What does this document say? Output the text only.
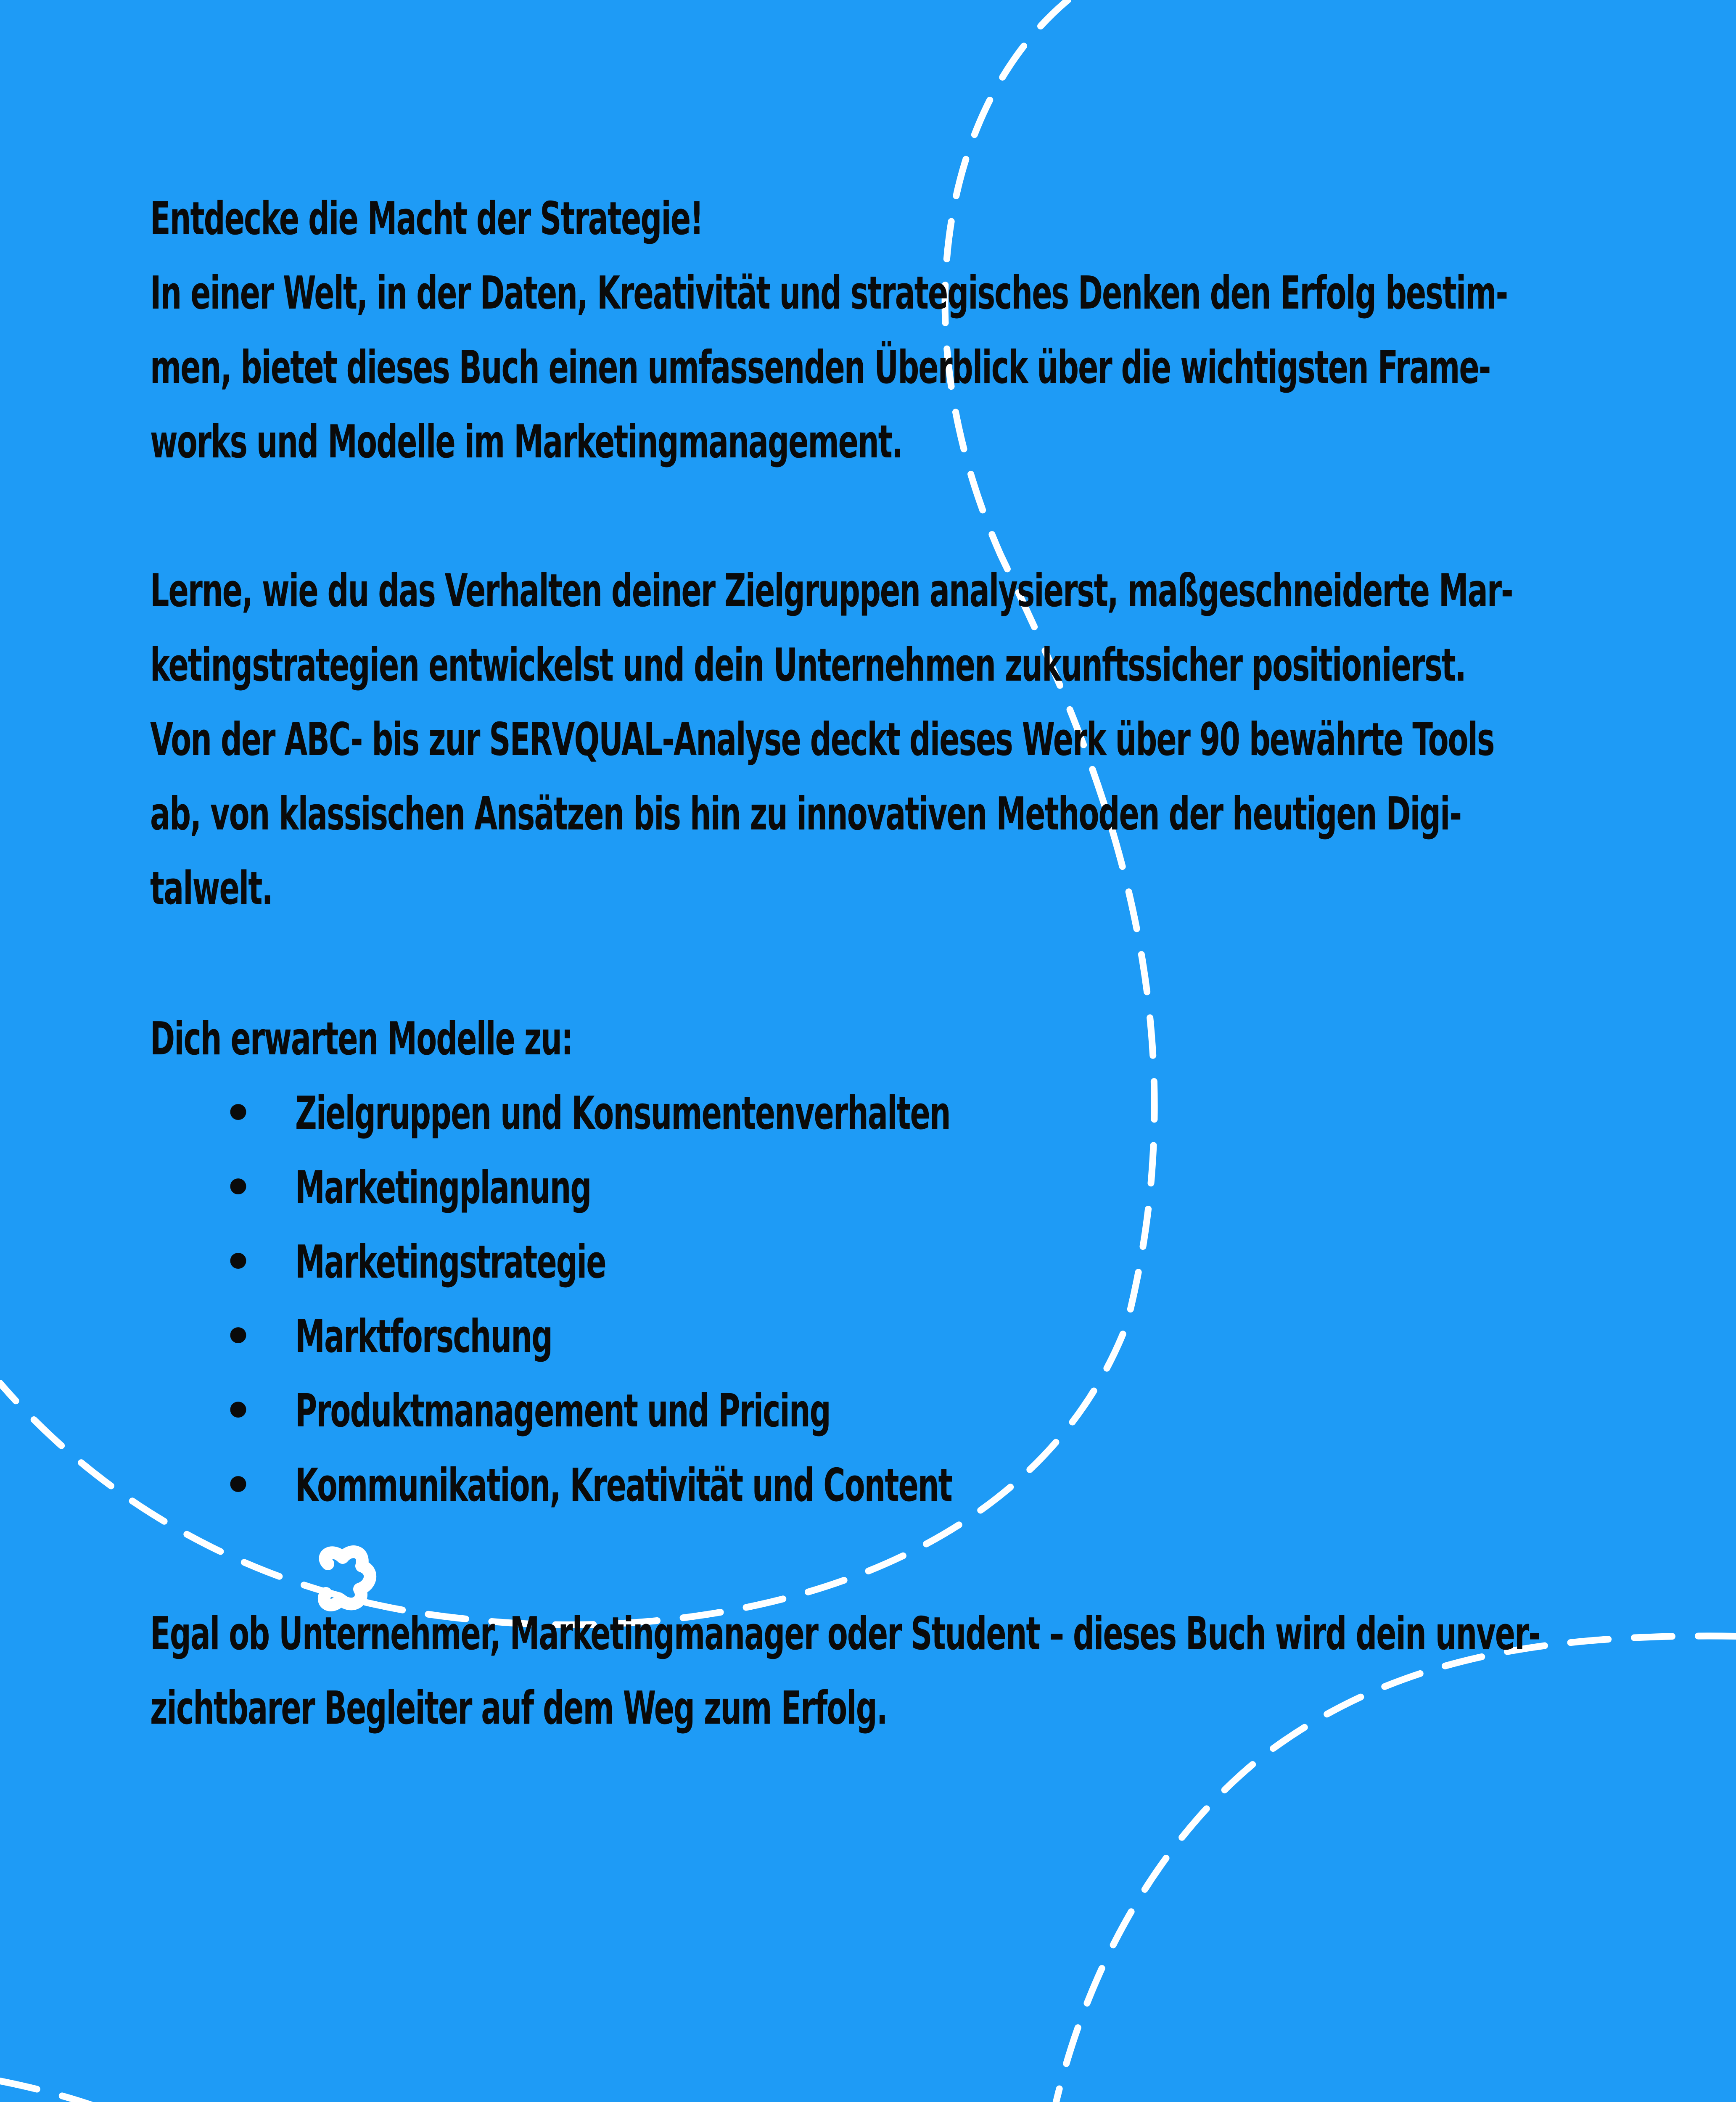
Entdecke die Macht der Strategie!
In einer Welt, in der Daten, Kreativität und strategisches Denken den Erfolg bestim-
men, bietet dieses Buch einen umfassenden Überblick über die wichtigsten Frame-
works und Modelle im Marketingmanagement.
Lerne, wie du das Verhalten deiner Zielgruppen analysierst, maßgeschneiderte Mar-
ketingstrategien entwickelst und dein Unternehmen zukunftssicher positionierst.
Von der ABC- bis zur SERVQUAL-Analyse deckt dieses Werk über 90 bewährte Tools
ab, von klassischen Ansätzen bis hin zu innovativen Methoden der heutigen Digi-
talwelt.
Dich erwarten Modelle zu:
• Zielgruppen und Konsumentenverhalten
• Marketingplanung
• Marketingstrategie
• Marktforschung
• Produktmanagement und Pricing
• Kommunikation, Kreativität und Content
Egal ob Unternehmer, Marketingmanager oder Student – dieses Buch wird dein unver-
zichtbarer Begleiter auf dem Weg zum Erfolg.
